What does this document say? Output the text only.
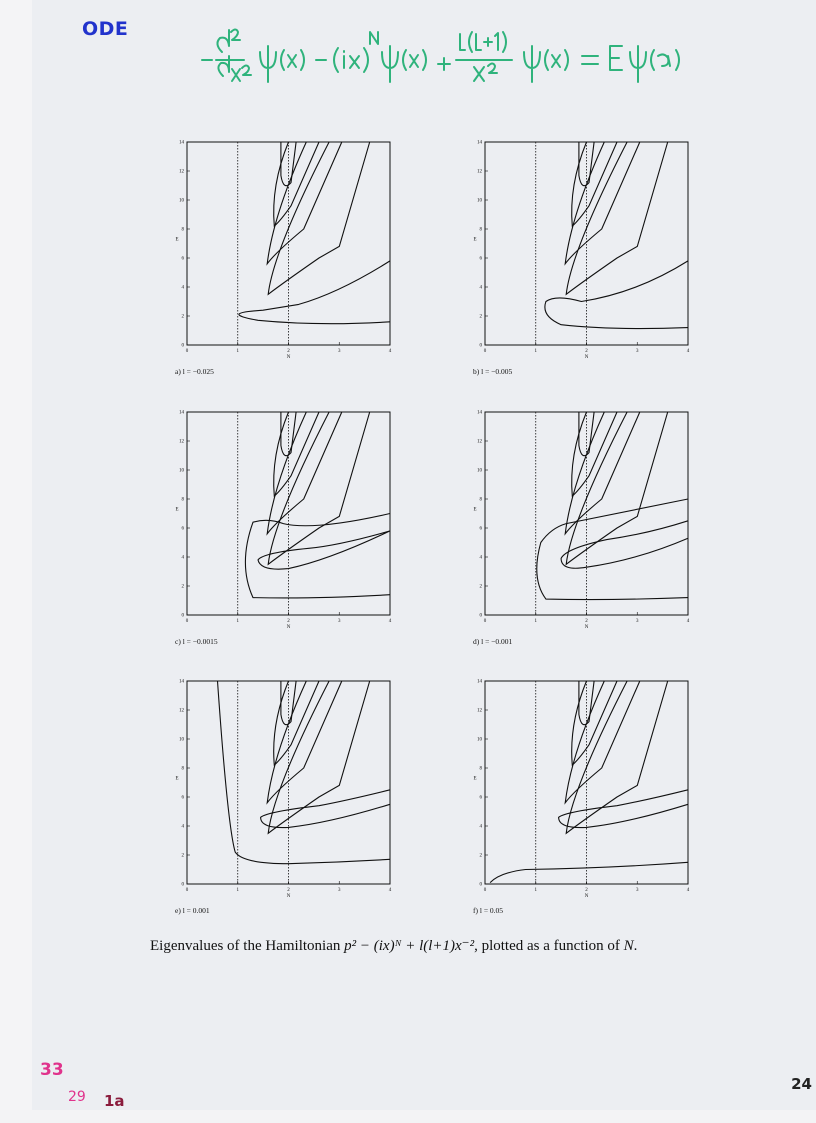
ODE
0
2
4
6
8
10
12
14
0	1	2	3	4
N
E
a) l = −0.025
0
2
4
6
8
10
12
14
0	1	2	3	4
N
E
b) l = −0.005
0
2
4
6
8
10
12
14
0	1	2	3	4
N
E
c) l = −0.0015
0
2
4
6
8
10
12
14
0	1	2	3	4
N
E
d) l = −0.001
0
2
4
6
8
10
12
14
0	1	2	3	4
N
E
e) l = 0.001
0
2
4
6
8
10
12
14
0	1	2	3	4
N
E
f) l = 0.05
Eigenvalues of the Hamiltonian p² − (ix)ᴺ + l(l+1)x⁻², plotted as a function of N.
33
29 1a
24
